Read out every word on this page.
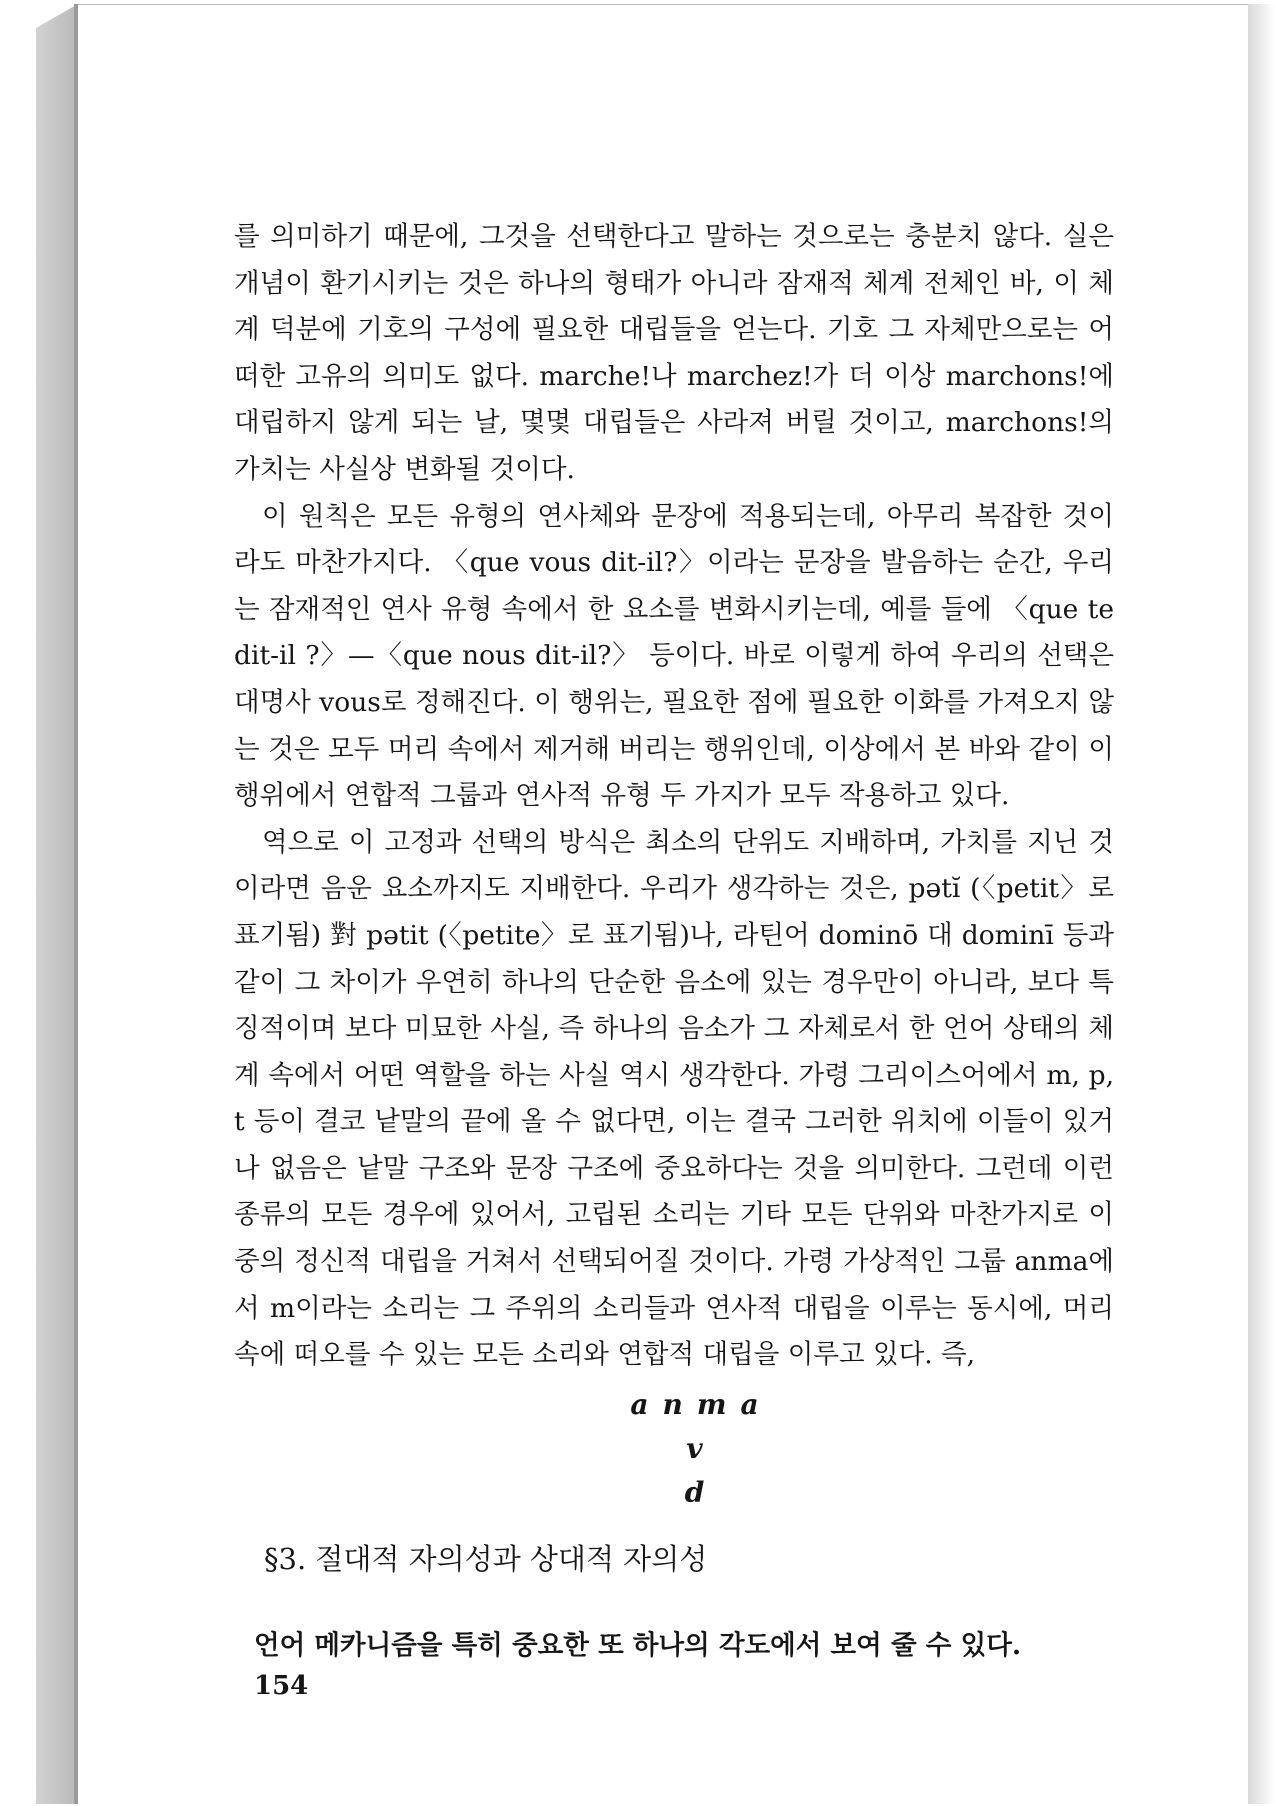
를 의미하기 때문에, 그것을 선택한다고 말하는 것으로는 충분치 않다. 실은 개념이 환기시키는 것은 하나의 형태가 아니라 잠재적 체계 전체인 바, 이 체계 덕분에 기호의 구성에 필요한 대립들을 얻는다. 기호 그 자체만으로는 어떠한 고유의 의미도 없다. marche!나 marchez!가 더 이상 marchons!에 대립하지 않게 되는 날, 몇몇 대립들은 사라져 버릴 것이고, marchons!의 가치는 사실상 변화될 것이다.

이 원칙은 모든 유형의 연사체와 문장에 적용되는데, 아무리 복잡한 것이라도 마찬가지다. 〈que vous dit-il?〉이라는 문장을 발음하는 순간, 우리는 잠재적인 연사 유형 속에서 한 요소를 변화시키는데, 예를 들에 〈que te dit-il ?〉—〈que nous dit-il?〉 등이다. 바로 이렇게 하여 우리의 선택은 대명사 vous로 정해진다. 이 행위는, 필요한 점에 필요한 이화를 가져오지 않는 것은 모두 머리 속에서 제거해 버리는 행위인데, 이상에서 본 바와 같이 이 행위에서 연합적 그룹과 연사적 유형 두 가지가 모두 작용하고 있다.

역으로 이 고정과 선택의 방식은 최소의 단위도 지배하며, 가치를 지닌 것이라면 음운 요소까지도 지배한다. 우리가 생각하는 것은, pətĭ (〈petit〉로 표기됨) 對 pətit (〈petite〉로 표기됨)나, 라틴어 dominō 대 dominī 등과 같이 그 차이가 우연히 하나의 단순한 음소에 있는 경우만이 아니라, 보다 특징적이며 보다 미묘한 사실, 즉 하나의 음소가 그 자체로서 한 언어 상태의 체계 속에서 어떤 역할을 하는 사실 역시 생각한다. 가령 그리이스어에서 m, p, t 등이 결코 낱말의 끝에 올 수 없다면, 이는 결국 그러한 위치에 이들이 있거나 없음은 낱말 구조와 문장 구조에 중요하다는 것을 의미한다. 그런데 이런 종류의 모든 경우에 있어서, 고립된 소리는 기타 모든 단위와 마찬가지로 이중의 정신적 대립을 거쳐서 선택되어질 것이다. 가령 가상적인 그룹 anma에서 m이라는 소리는 그 주위의 소리들과 연사적 대립을 이루는 동시에, 머리 속에 떠오를 수 있는 모든 소리와 연합적 대립을 이루고 있다. 즉,

anma
v
d
§3. 절대적 자의성과 상대적 자의성
언어 메카니즘을 특히 중요한 또 하나의 각도에서 보여 줄 수 있다.
154
